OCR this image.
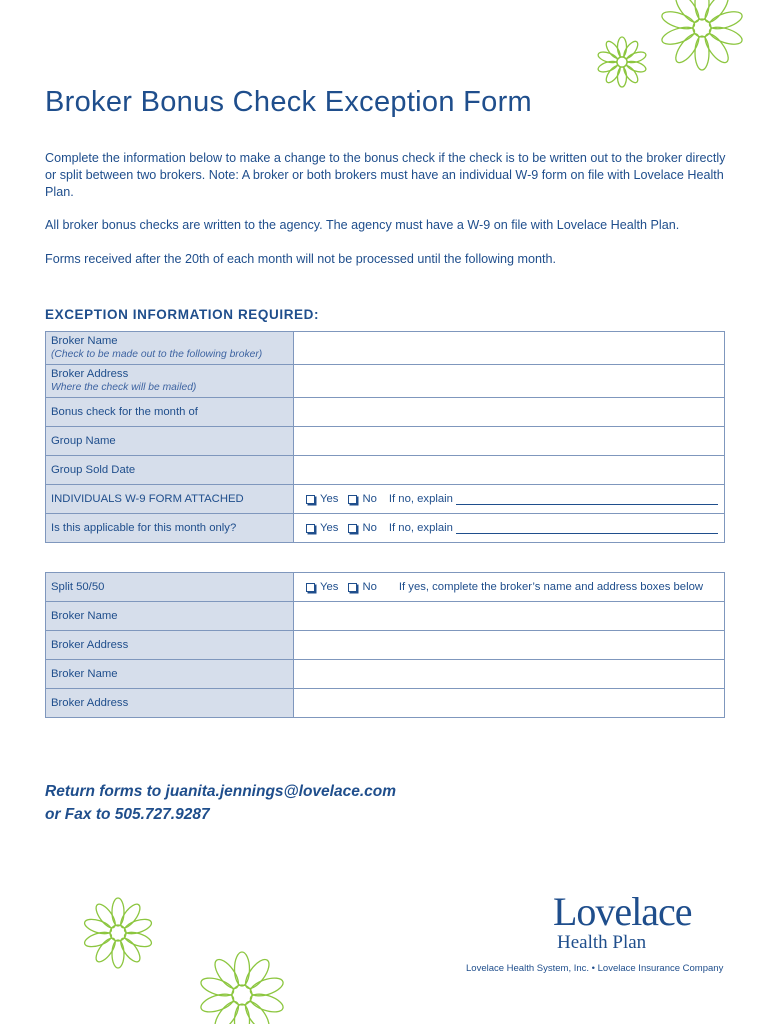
Broker Bonus Check Exception Form

Complete the information below to make a change to the bonus check if the check is to be written out to the broker directly or split between two brokers. Note: A broker or both brokers must have an individual W-9 form on file with Lovelace Health Plan.

All broker bonus checks are written to the agency. The agency must have a W-9 on file with Lovelace Health Plan.

Forms received after the 20th of each month will not be processed until the following month.

EXCEPTION INFORMATION REQUIRED:
Broker Name
(Check to be made out to the following broker)	

Broker Address
Where the check will be mailed)	

Bonus check for the month of	
Group Name	
Group Sold Date	
INDIVIDUALS W-9 FORM ATTACHED	Yes No If no, explain

Is this applicable for this month only?	Yes No If no, explain
Split 50/50	Yes No If yes, complete the broker’s name and address boxes below

Broker Name	
Broker Address	
Broker Name	
Broker Address	

Return forms to juanita.jennings@lovelace.com
or Fax to 505.727.9287

Lovelace
Health Plan
Lovelace Health System, Inc. • Lovelace Insurance Company
